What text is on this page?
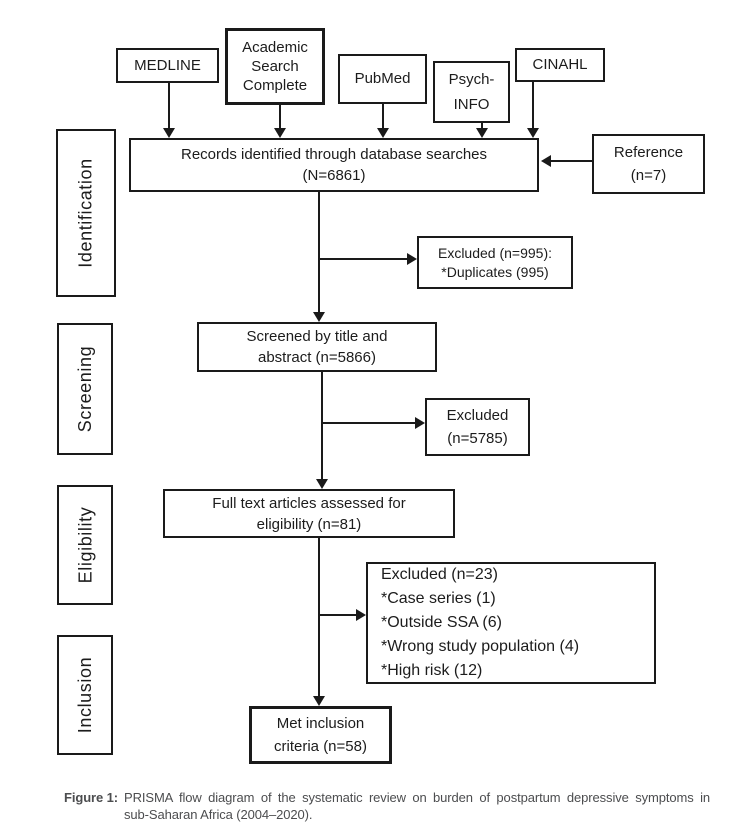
MEDLINE
Academic
Search
Complete	PubMed	Psych-
INFO
CINAHL
Identification
Screening
Eligibility
Inclusion
Records identified through database searches
(N=6861)
Reference
(n=7)
Excluded (n=995):
*Duplicates (995)
Screened by title and
abstract (n=5866)
Excluded
(n=5785)
Full text articles assessed for
eligibility (n=81)
Excluded (n=23)
*Case series (1)
*Outside SSA (6)
*Wrong study population (4)
*High risk (12)
Met inclusion
criteria (n=58)
Figure 1: PRISMA flow diagram of the systematic review on burden of postpartum depressive symptoms in
sub-Saharan Africa (2004–2020).
